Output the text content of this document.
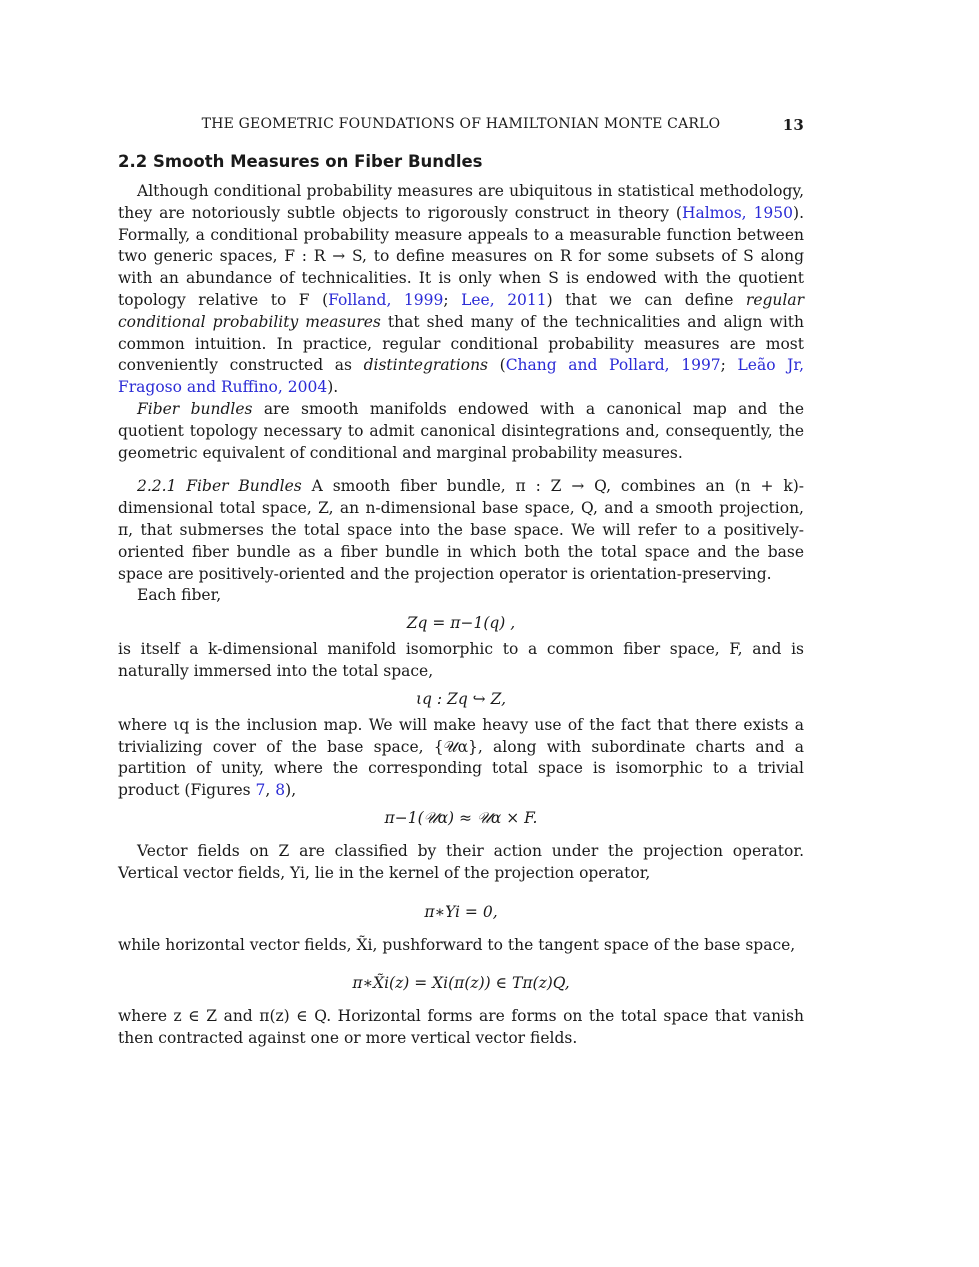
THE GEOMETRIC FOUNDATIONS OF HAMILTONIAN MONTE CARLO	13
2.2 Smooth Measures on Fiber Bundles

Although conditional probability measures are ubiquitous in statistical methodology, they are notoriously subtle objects to rigorously construct in theory (Halmos, 1950). Formally, a conditional probability measure appeals to a measurable function between two generic spaces, F : R → S, to define measures on R for some subsets of S along with an abundance of technicalities. It is only when S is endowed with the quotient topology relative to F (Folland, 1999; Lee, 2011) that we can define regular conditional probability measures that shed many of the technicalities and align with common intuition. In practice, regular conditional probability measures are most conveniently constructed as distintegrations (Chang and Pollard, 1997; Leão Jr, Fragoso and Ruffino, 2004).

Fiber bundles are smooth manifolds endowed with a canonical map and the quotient topology necessary to admit canonical disintegrations and, consequently, the geometric equivalent of conditional and marginal probability measures.

2.2.1 Fiber Bundles A smooth fiber bundle, π : Z → Q, combines an (n + k)-dimensional total space, Z, an n-dimensional base space, Q, and a smooth projection, π, that submerses the total space into the base space. We will refer to a positively-oriented fiber bundle as a fiber bundle in which both the total space and the base space are positively-oriented and the projection operator is orientation-preserving.

Each fiber,

Zq = π−1(q) ,

is itself a k-dimensional manifold isomorphic to a common fiber space, F, and is naturally immersed into the total space,

ιq : Zq ↪ Z,

where ιq is the inclusion map. We will make heavy use of the fact that there exists a trivializing cover of the base space, {𝒰α}, along with subordinate charts and a partition of unity, where the corresponding total space is isomorphic to a trivial product (Figures 7, 8),

π−1(𝒰α) ≈ 𝒰α × F.

Vector fields on Z are classified by their action under the projection operator. Vertical vector fields, Yi, lie in the kernel of the projection operator,

π∗Yi = 0,

while horizontal vector fields, X̃i, pushforward to the tangent space of the base space,

π∗X̃i(z) = Xi(π(z)) ∈ Tπ(z)Q,

where z ∈ Z and π(z) ∈ Q. Horizontal forms are forms on the total space that vanish then contracted against one or more vertical vector fields.
